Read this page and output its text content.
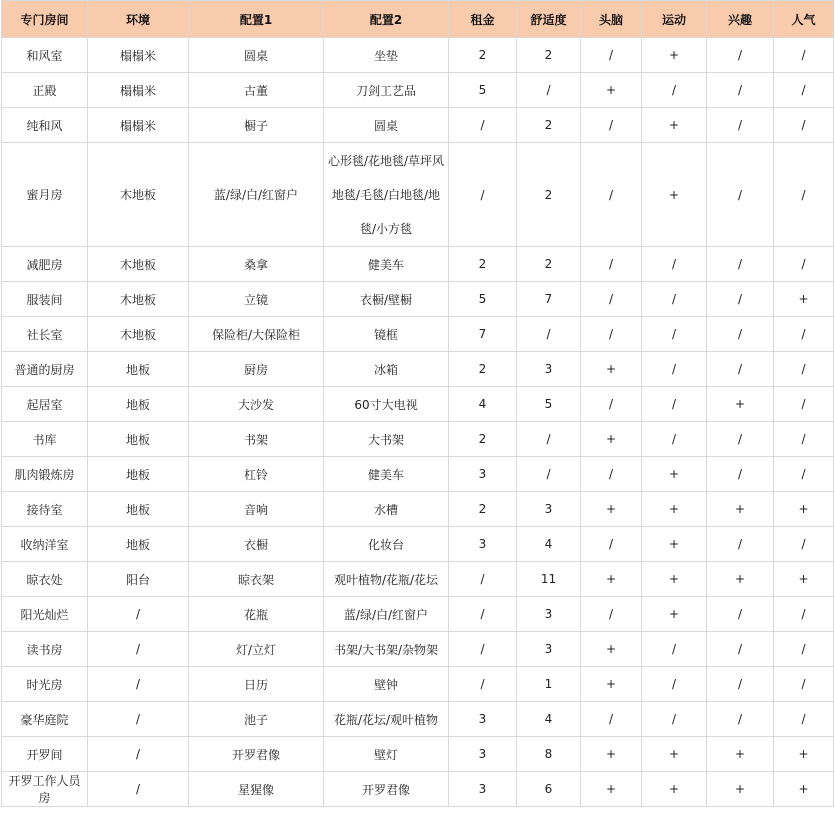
专门房间	环境	配置1	配置2	租金	舒适度	头脑	运动	兴趣	人气
和风室	榻榻米	圆桌	坐垫	2	2	/	+	/	/
正殿	榻榻米	古董	刀剑工艺品	5	/	+	/	/	/
纯和风	榻榻米	橱子	圆桌	/	2	/	+	/	/
蜜月房	木地板	蓝/绿/白/红窗户	心形毯/花地毯/草坪风地毯/毛毯/白地毯/地毯/小方毯	/	2	/	+	/	/
减肥房	木地板	桑拿	健美车	2	2	/	/	/	/
服装间	木地板	立镜	衣橱/壁橱	5	7	/	/	/	+
社长室	木地板	保险柜/大保险柜	镜框	7	/	/	/	/	/
普通的厨房	地板	厨房	冰箱	2	3	+	/	/	/
起居室	地板	大沙发	60寸大电视	4	5	/	/	+	/
书库	地板	书架	大书架	2	/	+	/	/	/
肌肉锻炼房	地板	杠铃	健美车	3	/	/	+	/	/
接待室	地板	音响	水槽	2	3	+	+	+	+
收纳洋室	地板	衣橱	化妆台	3	4	/	+	/	/
晾衣处	阳台	晾衣架	观叶植物/花瓶/花坛	/	11	+	+	+	+
阳光灿烂	/	花瓶	蓝/绿/白/红窗户	/	3	/	+	/	/
读书房	/	灯/立灯	书架/大书架/杂物架	/	3	+	/	/	/
时光房	/	日历	壁钟	/	1	+	/	/	/
豪华庭院	/	池子	花瓶/花坛/观叶植物	3	4	/	/	/	/
开罗间	/	开罗君像	壁灯	3	8	+	+	+	+
开罗工作人员房	/	星猩像	开罗君像	3	6	+	+	+	+
